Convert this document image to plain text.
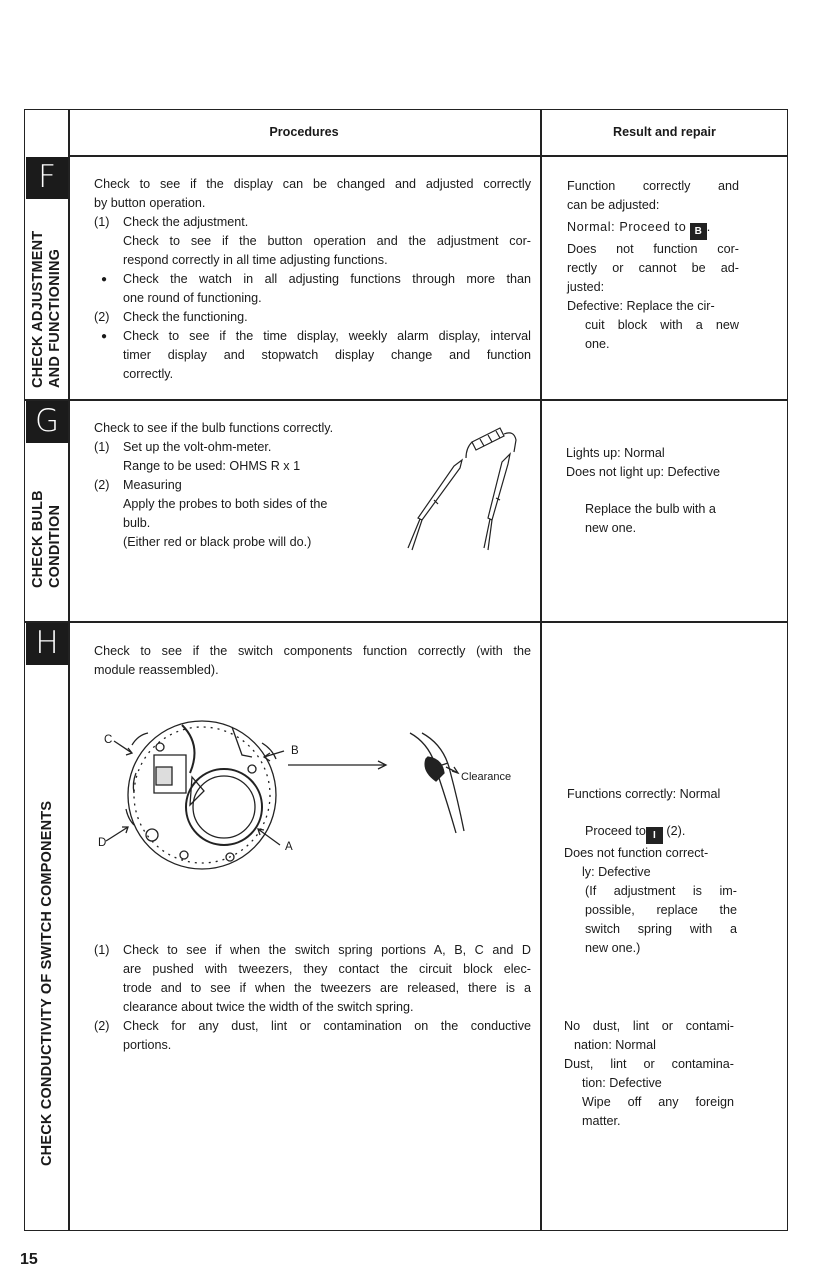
Procedures	Result and repair
F
CHECK ADJUSTMENT AND FUNCTIONING
Check to see if the display can be changed and adjusted correctly
by button operation.
(1) Check the adjustment.
Check to see if the button operation and the adjustment cor-
respond correctly in all time adjusting functions.
● Check the watch in all adjusting functions through more than
one round of functioning.
(2) Check the functioning.
● Check to see if the time display, weekly alarm display, interval
timer display and stopwatch display change and function
correctly.
Function correctly and
can be adjusted:
Normal: Proceed to B .
Does not function cor-
rectly or cannot be ad-
justed:
Defective: Replace the cir-
cuit block with a new
one.
G
CHECK BULB CONDITION
Check to see if the bulb functions correctly.
(1) Set up the volt-ohm-meter.
Range to be used: OHMS R x 1
(2) Measuring
Apply the probes to both sides of the
bulb.
(Either red or black probe will do.)
Lights up: Normal
Does not light up: Defective
Replace the bulb with a
new one.
H
CHECK CONDUCTIVITY OF SWITCH COMPONENTS
Check to see if the switch components function correctly (with the
module reassembled).
C
B
D	A
Clearance
(1) Check to see if when the switch spring portions A, B, C and D
are pushed with tweezers, they contact the circuit block elec-
trode and to see if when the tweezers are released, there is a
clearance about twice the width of the switch spring.
(2) Check for any dust, lint or contamination on the conductive
portions.
Functions correctly: Normal
Proceed to I (2).
Does not function correct-
ly: Defective
(If adjustment is im-
possible, replace the
switch spring with a
new one.)
No dust, lint or contami-
nation: Normal
Dust, lint or contamina-
tion: Defective
Wipe off any foreign
matter.
15
